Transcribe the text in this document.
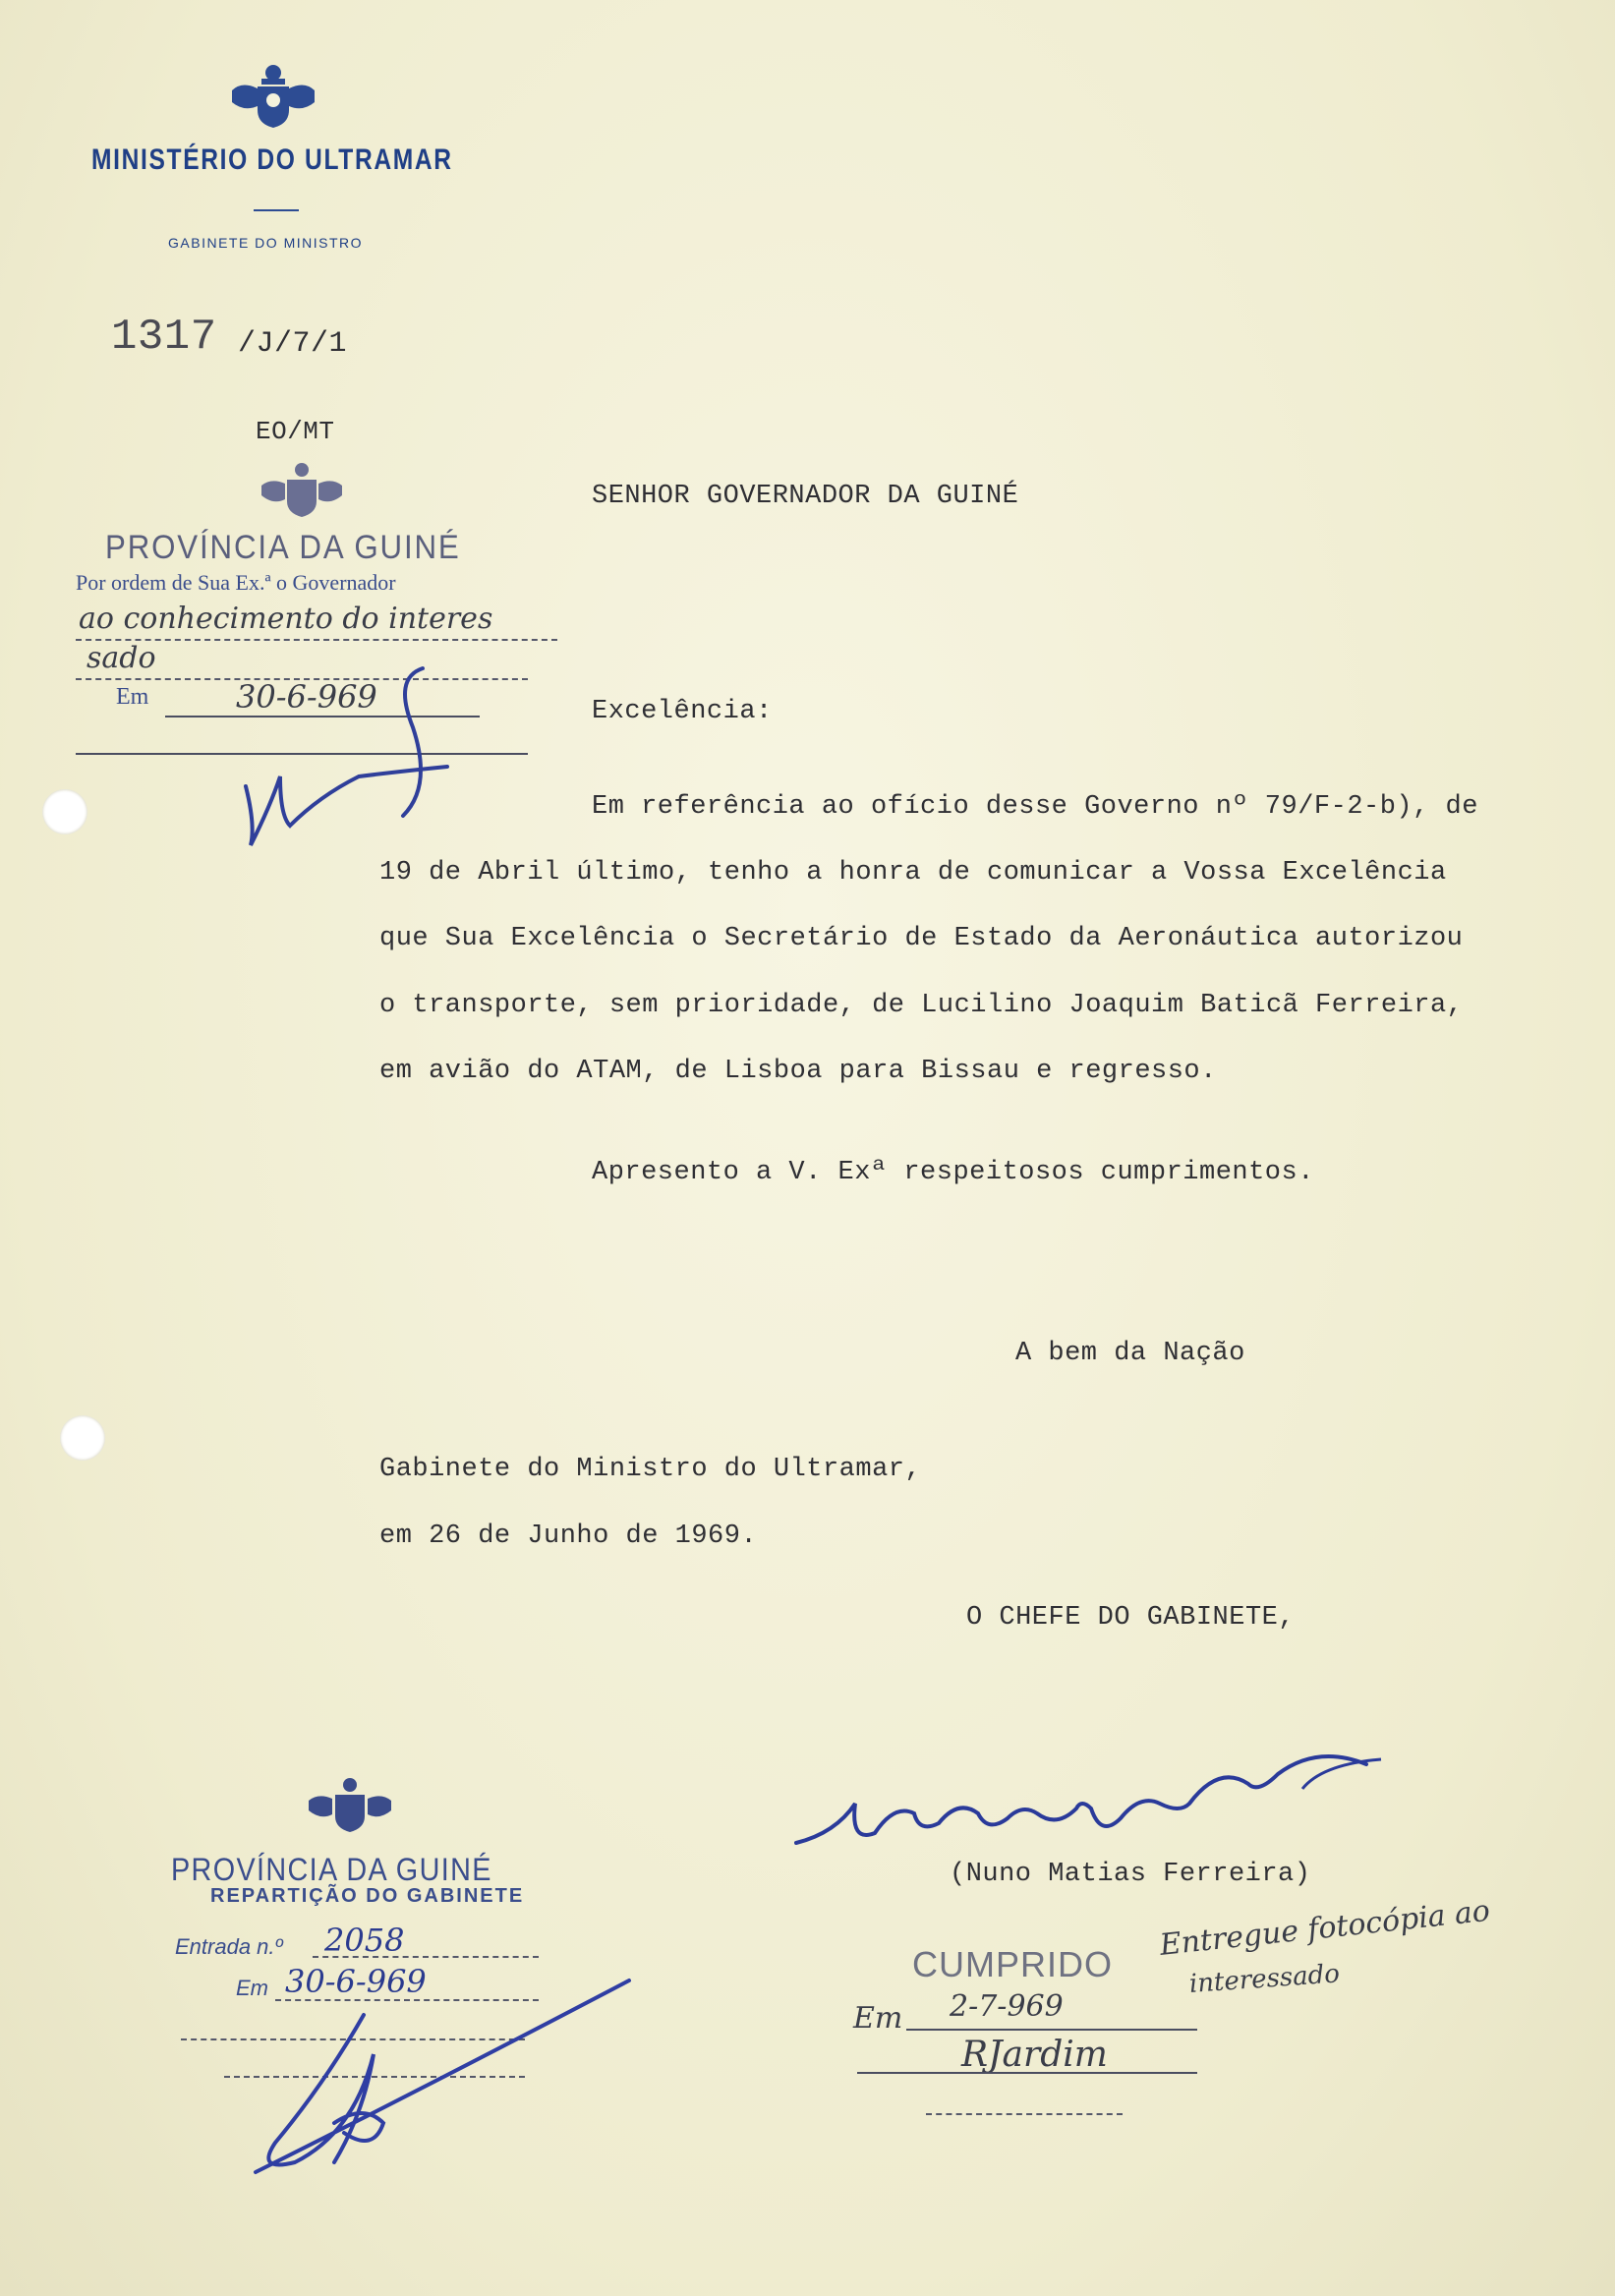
MINISTÉRIO DO ULTRAMAR
GABINETE DO MINISTRO
1317 /J/7/1
EO/MT
PROVÍNCIA DA GUINÉ
Por ordem de Sua Ex.ª o Governador
ao conhecimento do interes
sado
Em	30-6-969
SENHOR GOVERNADOR DA GUINÉ
Excelência:
Em referência ao ofício desse Governo nº 79/F-2-b), de
19 de Abril último, tenho a honra de comunicar a Vossa Excelência
que Sua Excelência o Secretário de Estado da Aeronáutica autorizou
o transporte, sem prioridade, de Lucilino Joaquim Baticã Ferreira,
em avião do ATAM, de Lisboa para Bissau e regresso.
Apresento a V. Exª respeitosos cumprimentos.
A bem da Nação
Gabinete do Ministro do Ultramar,
em 26 de Junho de 1969.
O CHEFE DO GABINETE,
(Nuno Matias Ferreira)
PROVÍNCIA DA GUINÉ
REPARTIÇÃO DO GABINETE
Entrada n.º 2058
Em 30-6-969	CUMPRIDO
Entregue fotocópia ao
interessado
Em 2-7-969
RJardim
